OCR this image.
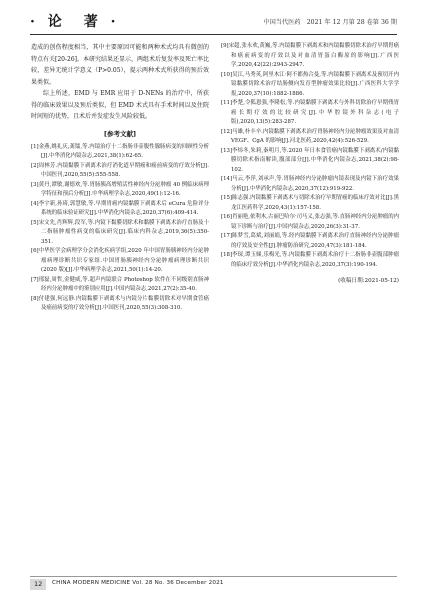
· 论　著 ·	中国当代医药　2021 年 12 月第 28 卷第 36 期

造成的创伤程度相当，其中主要原因可能和两种术式均具有微创的特点有关[20-26]。本研究结果还显示，两组术后复发率及死亡率比较，差异无统计学意义（P>0.05），提示两种术式所获得的预后效果类似。

综上所述，EMD 与 EMR 应用于 D-NENs 的治疗中，所获得的临床效果以及预后类似，但 EMD 术式具有手术时间以及住院时间短的优势，且术后并发症发生风险较低。

[参考文献]

[1]金燕,姚礼庆,龚镭,等.内镜治疗十二指肠非壶腹性腺肠病变的回顾性分析[J].中华消化内镜杂志,2021,38(1):62-65.

[2]周林芳.内镜黏膜下剥离术治疗消化道早期癌和癌前病变的疗效分析[J].中国医刊,2020,55(5):555-558.

[3]黄丹,谭敏,谢德欢,等.胃肠胰高增殖活性神经内分泌肿瘤 40 例临床病理学特征和预后分析[J].中华病理学杂志,2020,49(1):12-16.

[4]李宇新,孙琦,郭慧敏,等.早期胃癌内镜黏膜下剥离术后 eCura 危险评分系统的临床验证研究[J].中华消化内镜杂志,2020,37(6):409-414.

[5]宋文先,肖辉辉,段军,等.内镜下黏膜切除术和黏膜下剥离术治疗直肠及十二指肠肿瘤性病变的临床研究[J].临床内科杂志,2019,36(5):350-351.

[6]中华医学会病理学分会消化疾病学组,2020 年中国胃肠胰神经内分泌肿瘤病理诊断共识专家组.中国胃肠胰神经内分泌肿瘤病理诊断共识(2020 版)[J].中华病理学杂志,2021,50(1):14-20.

[7]邢磊,周哲,金健威,等.超声内镜联合 Photoshop 软件在不同级别直肠神经内分泌肿瘤中的鉴别应用[J].中国内镜杂志,2021,27(2):35-40.

[8]付建强,何远静.内镜黏膜下剥离术与内镜分片黏膜切除术对早期食管癌及癌前病变的疗效分析[J].中国医刊,2020,55(3):308-310.

[9]宋超,张永欢,黄巍,等.内镜黏膜下剥离术和内镜黏膜切除术治疗早期胃癌和癌前病变的疗效以及对血清胃蛋白酶原的影响[J].广西医学,2020,42(22):2943-2947.

[10]吴江,马秀英,阿里木江·阿不都热合曼,等.内镜黏膜下剥离术及预切开内镜黏膜切除术治疗结肠侧向发育型肿瘤效果比较[J].广西医科大学学报,2020,37(10):1882-1886.

[11]李楚,令狐恩强,李隆松,等.内镜黏膜下剥离术与外科切除治疗早期残胃癌长期疗效的比较研究[J].中华腔镜外科杂志(电子版),2020,13(5):283-287.

[12]马雄,朴丰辛.内镜黏膜下剥离术治疗胃肠神经内分泌肿瘤效果及对血清 VEGF、CgA 的影响[J].河北医药,2020,42(4):526-529.

[13]李炜冬,朱莉,秦明月,等.2020 年日本食管癌内镜黏膜下剥离术/内镜黏膜切除术指南解读,腹部部分[J].中华消化内镜杂志,2021,38(2):98-102.

[14]马云,李萍,刘承声,等.胃肠神经内分泌肿瘤内镜表现及内镜下治疗效果分析[J].中华消化内镜杂志,2020,37(12):919-922.

[15]陈志强.内镜黏膜下剥离术与切除术治疗早期胃癌的临床疗效对比[J].黑龙江医药科学,2020,43(1):157-158.

[16]肖丽艳,依利木,古丽巴哈尔·司马义,张志强,等.直肠神经内分泌肿瘤的内镜下诊断与治疗[J].中国内镜杂志,2020,26(3):31-37.

[17]陈梦雪,葛斌,刘丽娟,等.经内镜黏膜下剥离术治疗直肠神经内分泌肿瘤的疗效及安全性[J].肿瘤防治研究,2020,47(3):181-184.

[18]李琛,谭玉娣,乐梅光,等.内镜黏膜下剥离术治疗十二指肠非壶腹部肿瘤的临床疗效分析[J].中华消化内镜杂志,2020,37(3):190-194.

(收稿日期:2021-05-12)
12	CHINA MODERN MEDICINE Vol. 28 No. 36 December 2021
